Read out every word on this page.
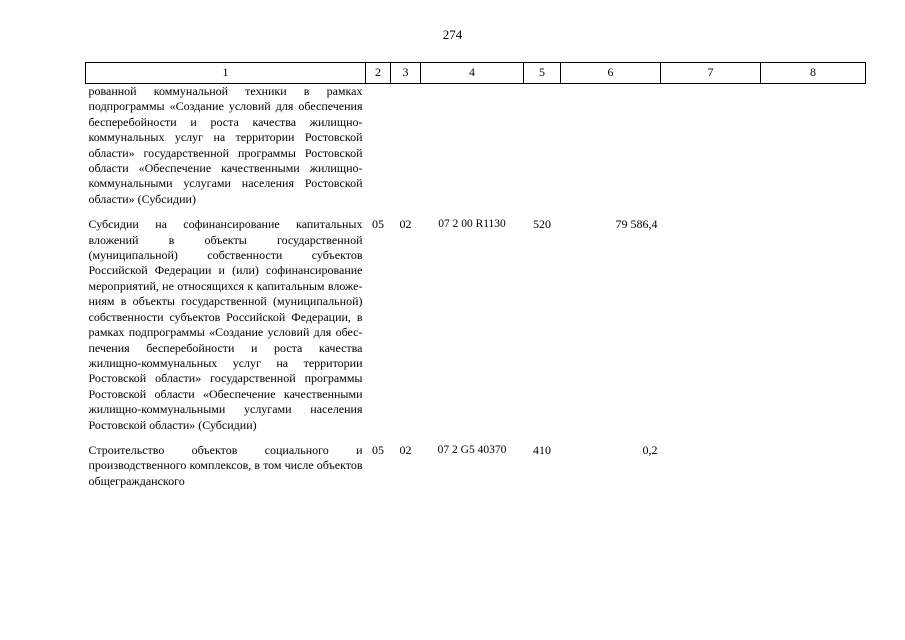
274
1	2	3	4	5	6	7	8
рованной коммунальной техники в рамках подпрограммы «Создание условий для обеспечения бесперебойности и роста качества жилищно-коммунальных услуг на территории Ростовской области» государственной программы Ростовской области «Обеспечение качественными жилищно-коммунальными услугами населения Ростовской области» (Субсидии)							
Субсидии на софинансирование капитальных вложений в объекты государственной (муниципальной) собственности субъектов Российской Федерации и (или) софинансирование мероприятий, не относящихся к капитальным вложениям в объекты государственной (муниципальной) собственности субъектов Российской Федерации, в рамках подпрограммы «Создание условий для обеспечения бесперебойности и роста качества жилищно-коммунальных услуг на территории Ростовской области» государственной программы Ростовской области «Обеспечение качественными жилищно-коммунальными услугами населения Ростовской области» (Субсидии)	05	02	07 2 00 R1130	520	79 586,4		
Строительство объектов социального и производственного комплексов, в том числе объектов общегражданского	05	02	07 2 G5 40370	410	0,2		
